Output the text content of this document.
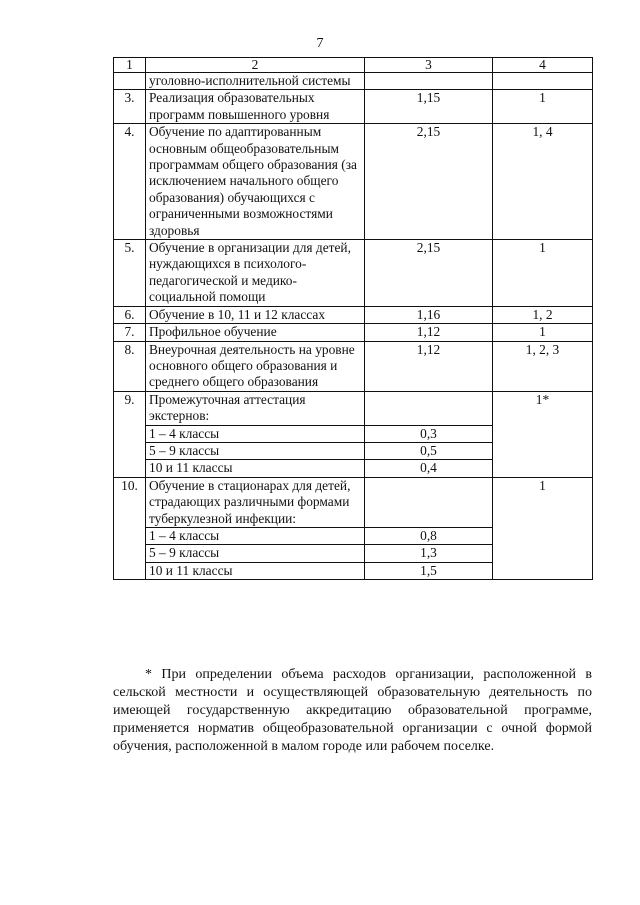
7
1	2	3	4
	уголовно-исполнительной системы		
3.	Реализация образовательных программ повышенного уровня	1,15	1
4.	Обучение по адаптированным основным общеобразовательным программам общего образования (за исключением начального общего образования) обучающихся с ограниченными возможностями здоровья	2,15	1, 4
5.	Обучение в организации для детей, нуждающихся в психолого-педагогической и медико-социальной помощи	2,15	1
6.	Обучение в 10, 11 и 12 классах	1,16	1, 2
7.	Профильное обучение	1,12	1
8.	Внеурочная деятельность на уровне основного общего образования и среднего общего образования	1,12	1, 2, 3
9.	Промежуточная аттестация экстернов:		1*
	1 – 4 классы	0,3	
	5 – 9 классы	0,5	
	10 и 11 классы	0,4	
10.	Обучение в стационарах для детей, страдающих различными формами туберкулезной инфекции:		1
	1 – 4 классы	0,8	
	5 – 9 классы	1,3	
	10 и 11 классы	1,5	

* При определении объема расходов организации, расположенной в сельской местности и осуществляющей образовательную деятельность по имеющей государственную аккредитацию образовательной программе, применяется норматив общеобразовательной организации с очной формой обучения, расположенной в малом городе или рабочем поселке.
